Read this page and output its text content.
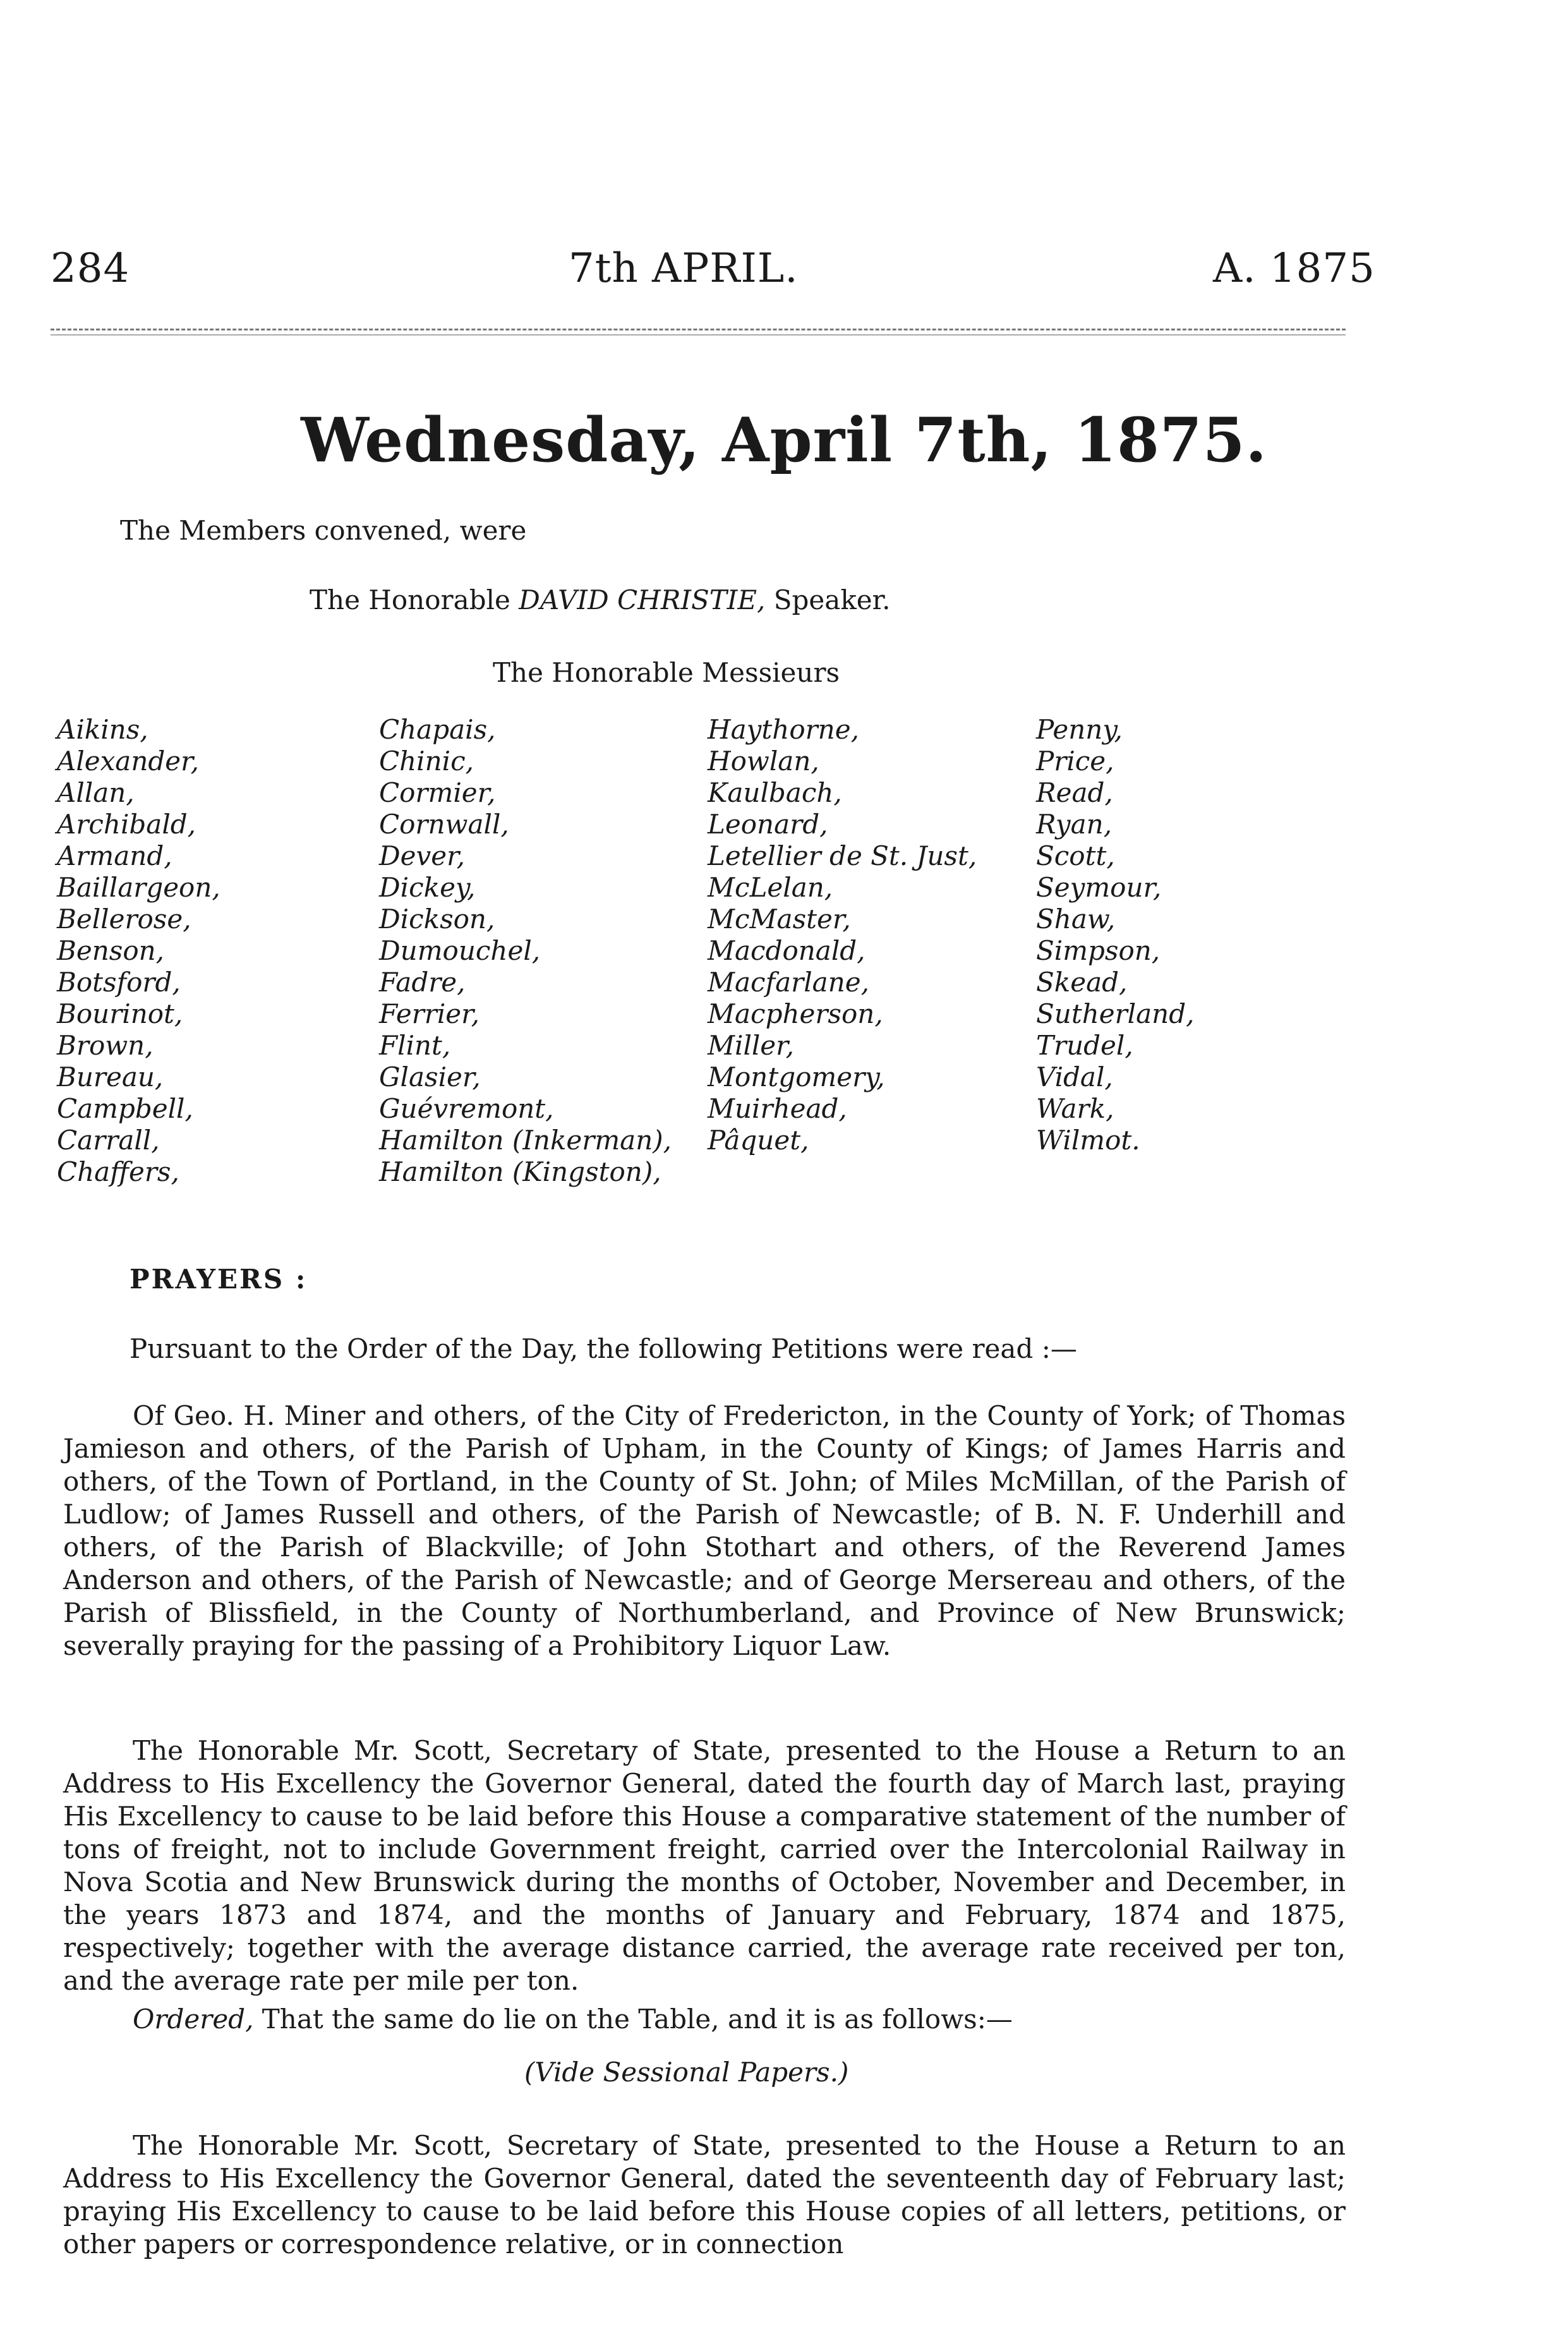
284	7th APRIL.	A. 1875
Wednesday, April 7th, 1875.
The Members convened, were
The Honorable DAVID CHRISTIE, Speaker.
The Honorable Messieurs
Aikins,
Alexander,
Allan,
Archibald,
Armand,
Baillargeon,
Bellerose,
Benson,
Botsford,
Bourinot,
Brown,
Bureau,
Campbell,
Carrall,
Chaffers,
Chapais,
Chinic,
Cormier,
Cornwall,
Dever,
Dickey,
Dickson,
Dumouchel,
Fadre,
Ferrier,
Flint,
Glasier,
Guévremont,
Hamilton (Inkerman),
Hamilton (Kingston),
Haythorne,
Howlan,
Kaulbach,
Leonard,
Letellier de St. Just,
McLelan,
McMaster,
Macdonald,
Macfarlane,
Macpherson,
Miller,
Montgomery,
Muirhead,
Pâquet,
Penny,
Price,
Read,
Ryan,
Scott,
Seymour,
Shaw,
Simpson,
Skead,
Sutherland,
Trudel,
Vidal,
Wark,
Wilmot.
PRAYERS :
Pursuant to the Order of the Day, the following Petitions were read :—

Of Geo. H. Miner and others, of the City of Fredericton, in the County of York; of Thomas Jamieson and others, of the Parish of Upham, in the County of Kings; of James Harris and others, of the Town of Portland, in the County of St. John; of Miles McMillan, of the Parish of Ludlow; of James Russell and others, of the Parish of Newcastle; of B. N. F. Underhill and others, of the Parish of Blackville; of John Stothart and others, of the Reverend James Anderson and others, of the Parish of Newcastle; and of George Mersereau and others, of the Parish of Blissfield, in the County of Northumberland, and Province of New Brunswick; severally praying for the passing of a Prohibitory Liquor Law.

The Honorable Mr. Scott, Secretary of State, presented to the House a Return to an Address to His Excellency the Governor General, dated the fourth day of March last, praying His Excellency to cause to be laid before this House a comparative statement of the number of tons of freight, not to include Government freight, carried over the Intercolonial Railway in Nova Scotia and New Brunswick during the months of October, November and December, in the years 1873 and 1874, and the months of January and February, 1874 and 1875, respectively; together with the average distance carried, the average rate received per ton, and the average rate per mile per ton.

Ordered, That the same do lie on the Table, and it is as follows:—

(Vide Sessional Papers.)

The Honorable Mr. Scott, Secretary of State, presented to the House a Return to an Address to His Excellency the Governor General, dated the seventeenth day of February last; praying His Excellency to cause to be laid before this House copies of all letters, petitions, or other papers or correspondence relative, or in connection
